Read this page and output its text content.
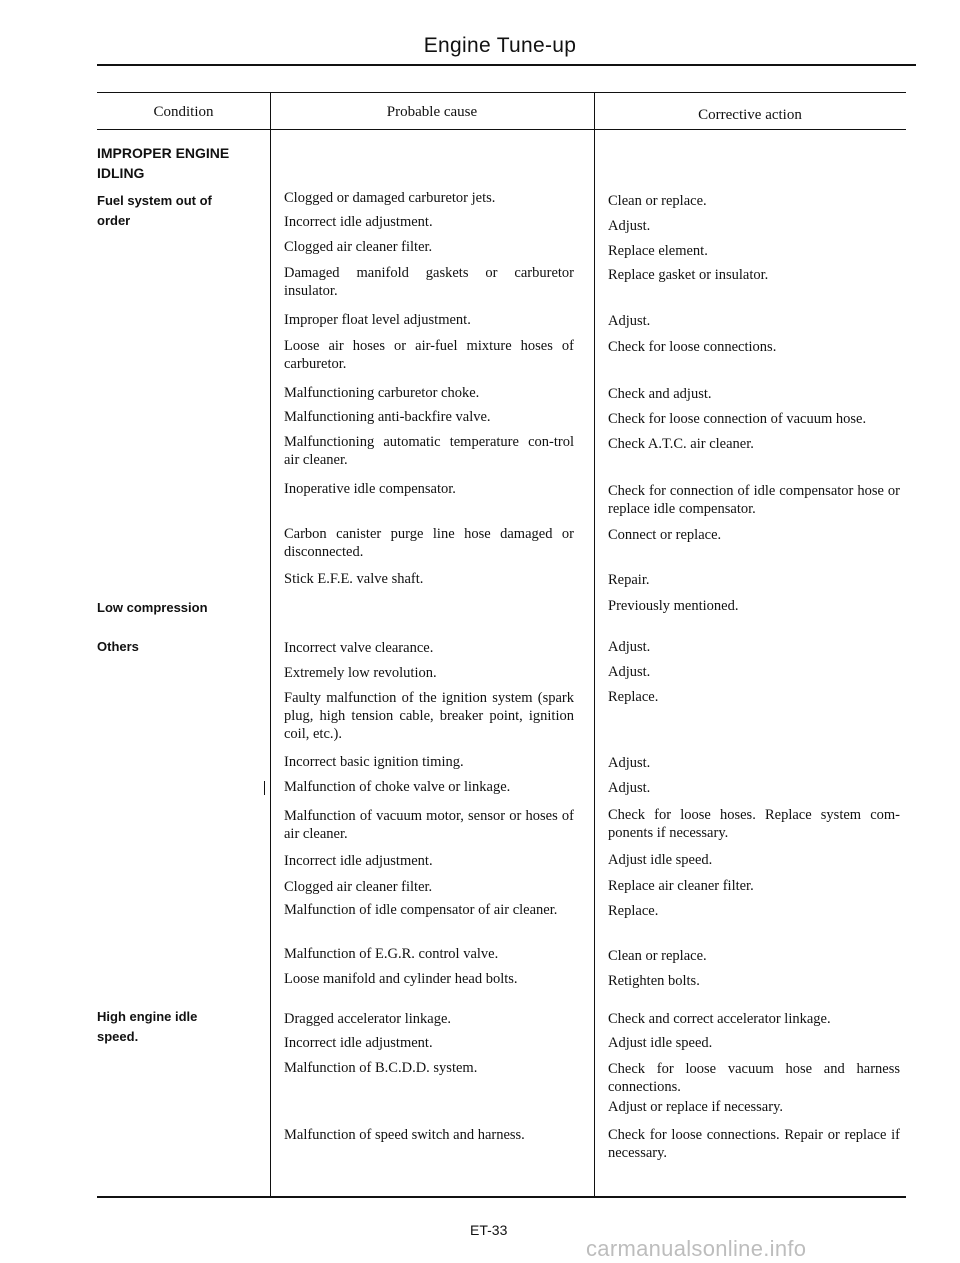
Engine Tune-up
Condition	Probable cause	Corrective action
IMPROPER ENGINE IDLING
Fuel system out of order
Low compression
Others
High engine idle speed.
Clogged or damaged carburetor jets.
Incorrect idle adjustment.
Clogged air cleaner filter.
Damaged manifold gaskets or carburetor insulator.
Improper float level adjustment.
Loose air hoses or air-fuel mixture hoses of carburetor.
Malfunctioning carburetor choke.
Malfunctioning anti-backfire valve.
Malfunctioning automatic temperature con-trol air cleaner.
Inoperative idle compensator.
Carbon canister purge line hose damaged or disconnected.
Stick E.F.E. valve shaft.
Incorrect valve clearance.
Extremely low revolution.
Faulty malfunction of the ignition system (spark plug, high tension cable, breaker point, ignition coil, etc.).
Incorrect basic ignition timing.
Malfunction of choke valve or linkage.
Malfunction of vacuum motor, sensor or hoses of air cleaner.
Incorrect idle adjustment.
Clogged air cleaner filter.
Malfunction of idle compensator of air cleaner.
Malfunction of E.G.R. control valve.
Loose manifold and cylinder head bolts.
Dragged accelerator linkage.
Incorrect idle adjustment.
Malfunction of B.C.D.D. system.
Malfunction of speed switch and harness.
Clean or replace.
Adjust.
Replace element.
Replace gasket or insulator.
Adjust.
Check for loose connections.
Check and adjust.
Check for loose connection of vacuum hose.
Check A.T.C. air cleaner.
Check for connection of idle compensator hose or replace idle compensator.
Connect or replace.
Repair.
Previously mentioned.
Adjust.
Adjust.
Replace.
Adjust.
Adjust.
Check for loose hoses. Replace system com-ponents if necessary.
Adjust idle speed.
Replace air cleaner filter.
Replace.
Clean or replace.
Retighten bolts.
Check and correct accelerator linkage.
Adjust idle speed.
Check for loose vacuum hose and harness connections.
Adjust or replace if necessary.
Check for loose connections. Repair or replace if necessary.
ET-33
carmanualsonline.info
